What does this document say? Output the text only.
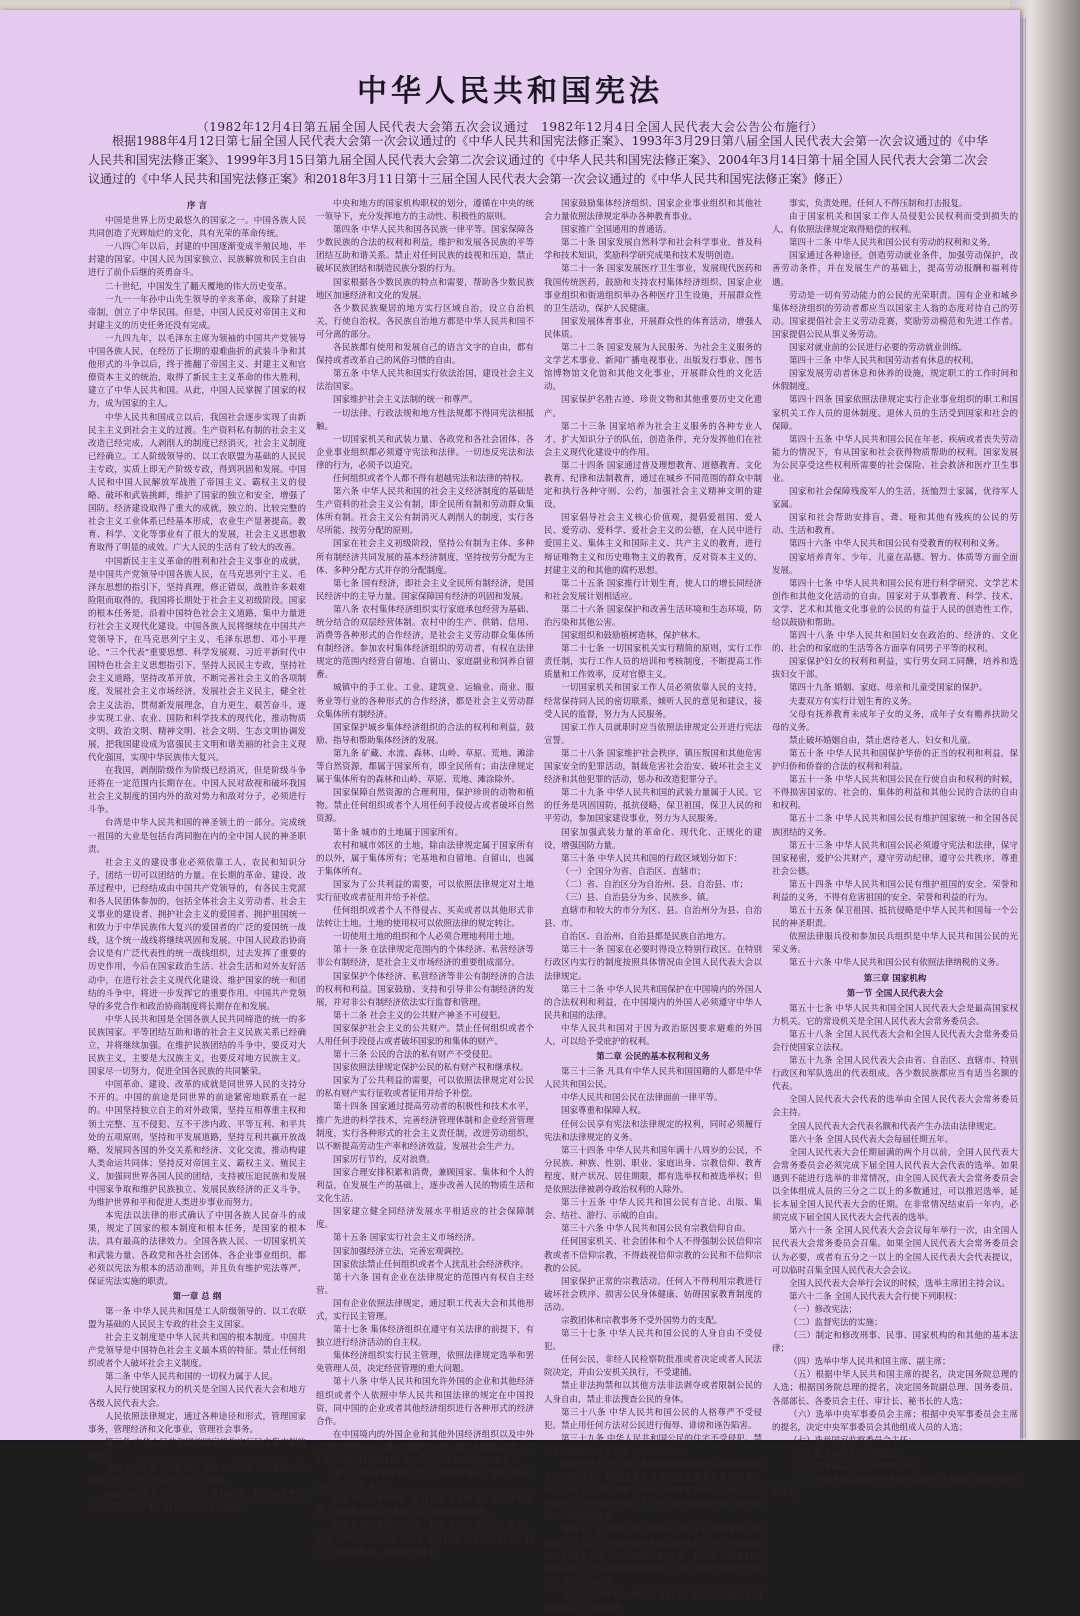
中华人民共和国宪法
（1982年12月4日第五届全国人民代表大会第五次会议通过　1982年12月4日全国人民代表大会公告公布施行）
根据1988年4月12日第七届全国人民代表大会第一次会议通过的《中华人民共和国宪法修正案》、1993年3月29日第八届全国人民代表大会第一次会议通过的《中华人民共和国宪法修正案》、1999年3月15日第九届全国人民代表大会第二次会议通过的《中华人民共和国宪法修正案》、2004年3月14日第十届全国人民代表大会第二次会议通过的《中华人民共和国宪法修正案》和2018年3月11日第十三届全国人民代表大会第一次会议通过的《中华人民共和国宪法修正案》修正）

序 言

中国是世界上历史最悠久的国家之一。中国各族人民共同创造了光辉灿烂的文化，具有光荣的革命传统。

一八四〇年以后，封建的中国逐渐变成半殖民地、半封建的国家。中国人民为国家独立、民族解放和民主自由进行了前仆后继的英勇奋斗。

二十世纪，中国发生了翻天覆地的伟大历史变革。

一九一一年孙中山先生领导的辛亥革命，废除了封建帝制，创立了中华民国。但是，中国人民反对帝国主义和封建主义的历史任务还没有完成。

一九四九年，以毛泽东主席为领袖的中国共产党领导中国各族人民，在经历了长期的艰难曲折的武装斗争和其他形式的斗争以后，终于推翻了帝国主义、封建主义和官僚资本主义的统治，取得了新民主主义革命的伟大胜利，建立了中华人民共和国。从此，中国人民掌握了国家的权力，成为国家的主人。

中华人民共和国成立以后，我国社会逐步实现了由新民主主义到社会主义的过渡。生产资料私有制的社会主义改造已经完成，人剥削人的制度已经消灭，社会主义制度已经确立。工人阶级领导的、以工农联盟为基础的人民民主专政，实质上即无产阶级专政，得到巩固和发展。中国人民和中国人民解放军战胜了帝国主义、霸权主义的侵略、破坏和武装挑衅，维护了国家的独立和安全，增强了国防。经济建设取得了重大的成就，独立的、比较完整的社会主义工业体系已经基本形成，农业生产显著提高。教育、科学、文化等事业有了很大的发展，社会主义思想教育取得了明显的成效。广大人民的生活有了较大的改善。

中国新民主主义革命的胜利和社会主义事业的成就，是中国共产党领导中国各族人民，在马克思列宁主义、毛泽东思想的指引下，坚持真理，修正错误，战胜许多艰难险阻而取得的。我国将长期处于社会主义初级阶段。国家的根本任务是，沿着中国特色社会主义道路，集中力量进行社会主义现代化建设。中国各族人民将继续在中国共产党领导下，在马克思列宁主义、毛泽东思想、邓小平理论、“三个代表”重要思想、科学发展观、习近平新时代中国特色社会主义思想指引下，坚持人民民主专政，坚持社会主义道路，坚持改革开放，不断完善社会主义的各项制度，发展社会主义市场经济，发展社会主义民主，健全社会主义法治，贯彻新发展理念，自力更生，艰苦奋斗，逐步实现工业、农业、国防和科学技术的现代化，推动物质文明、政治文明、精神文明、社会文明、生态文明协调发展，把我国建设成为富强民主文明和谐美丽的社会主义现代化强国，实现中华民族伟大复兴。

在我国，剥削阶级作为阶级已经消灭，但是阶级斗争还将在一定范围内长期存在。中国人民对敌视和破坏我国社会主义制度的国内外的敌对势力和敌对分子，必须进行斗争。

台湾是中华人民共和国的神圣领土的一部分。完成统一祖国的大业是包括台湾同胞在内的全中国人民的神圣职责。

社会主义的建设事业必须依靠工人、农民和知识分子，团结一切可以团结的力量。在长期的革命、建设、改革过程中，已经结成由中国共产党领导的，有各民主党派和各人民团体参加的，包括全体社会主义劳动者、社会主义事业的建设者、拥护社会主义的爱国者、拥护祖国统一和致力于中华民族伟大复兴的爱国者的广泛的爱国统一战线，这个统一战线将继续巩固和发展。中国人民政治协商会议是有广泛代表性的统一战线组织，过去发挥了重要的历史作用，今后在国家政治生活、社会生活和对外友好活动中，在进行社会主义现代化建设、维护国家的统一和团结的斗争中，将进一步发挥它的重要作用。中国共产党领导的多党合作和政治协商制度将长期存在和发展。

中华人民共和国是全国各族人民共同缔造的统一的多民族国家。平等团结互助和谐的社会主义民族关系已经确立，并将继续加强。在维护民族团结的斗争中，要反对大民族主义，主要是大汉族主义，也要反对地方民族主义。国家尽一切努力，促进全国各民族的共同繁荣。

中国革命、建设、改革的成就是同世界人民的支持分不开的。中国的前途是同世界的前途紧密地联系在一起的。中国坚持独立自主的对外政策，坚持互相尊重主权和领土完整、互不侵犯、互不干涉内政、平等互利、和平共处的五项原则，坚持和平发展道路，坚持互利共赢开放战略，发展同各国的外交关系和经济、文化交流，推动构建人类命运共同体；坚持反对帝国主义、霸权主义、殖民主义，加强同世界各国人民的团结，支持被压迫民族和发展中国家争取和维护民族独立、发展民族经济的正义斗争，为维护世界和平和促进人类进步事业而努力。

本宪法以法律的形式确认了中国各族人民奋斗的成果，规定了国家的根本制度和根本任务，是国家的根本法，具有最高的法律效力。全国各族人民、一切国家机关和武装力量、各政党和各社会团体、各企业事业组织，都必须以宪法为根本的活动准则，并且负有维护宪法尊严、保证宪法实施的职责。

第一章 总 纲

第一条 中华人民共和国是工人阶级领导的、以工农联盟为基础的人民民主专政的社会主义国家。

社会主义制度是中华人民共和国的根本制度。中国共产党领导是中国特色社会主义最本质的特征。禁止任何组织或者个人破坏社会主义制度。

第二条 中华人民共和国的一切权力属于人民。

人民行使国家权力的机关是全国人民代表大会和地方各级人民代表大会。

人民依照法律规定，通过各种途径和形式，管理国家事务，管理经济和文化事业，管理社会事务。

第三条 中华人民共和国的国家机构实行民主集中制的原则。

全国人民代表大会和地方各级人民代表大会都由民主选举产生，对人民负责，受人民监督。

国家行政机关、监察机关、审判机关、检察机关都由人民代表大会产生，对它负责，受它监督。

中央和地方的国家机构职权的划分，遵循在中央的统一领导下，充分发挥地方的主动性、积极性的原则。

第四条 中华人民共和国各民族一律平等。国家保障各少数民族的合法的权利和利益，维护和发展各民族的平等团结互助和谐关系。禁止对任何民族的歧视和压迫，禁止破坏民族团结和制造民族分裂的行为。

国家根据各少数民族的特点和需要，帮助各少数民族地区加速经济和文化的发展。

各少数民族聚居的地方实行区域自治，设立自治机关，行使自治权。各民族自治地方都是中华人民共和国不可分离的部分。

各民族都有使用和发展自己的语言文字的自由，都有保持或者改革自己的风俗习惯的自由。

第五条 中华人民共和国实行依法治国，建设社会主义法治国家。

国家维护社会主义法制的统一和尊严。

一切法律、行政法规和地方性法规都不得同宪法相抵触。

一切国家机关和武装力量、各政党和各社会团体、各企业事业组织都必须遵守宪法和法律。一切违反宪法和法律的行为，必须予以追究。

任何组织或者个人都不得有超越宪法和法律的特权。

第六条 中华人民共和国的社会主义经济制度的基础是生产资料的社会主义公有制，即全民所有制和劳动群众集体所有制。社会主义公有制消灭人剥削人的制度，实行各尽所能、按劳分配的原则。

国家在社会主义初级阶段，坚持公有制为主体、多种所有制经济共同发展的基本经济制度，坚持按劳分配为主体、多种分配方式并存的分配制度。

第七条 国有经济，即社会主义全民所有制经济，是国民经济中的主导力量。国家保障国有经济的巩固和发展。

第八条 农村集体经济组织实行家庭承包经营为基础、统分结合的双层经营体制。农村中的生产、供销、信用、消费等各种形式的合作经济，是社会主义劳动群众集体所有制经济。参加农村集体经济组织的劳动者，有权在法律规定的范围内经营自留地、自留山、家庭副业和饲养自留畜。

城镇中的手工业、工业、建筑业、运输业、商业、服务业等行业的各种形式的合作经济，都是社会主义劳动群众集体所有制经济。

国家保护城乡集体经济组织的合法的权利和利益，鼓励、指导和帮助集体经济的发展。

第九条 矿藏、水流、森林、山岭、草原、荒地、滩涂等自然资源，都属于国家所有，即全民所有；由法律规定属于集体所有的森林和山岭、草原、荒地、滩涂除外。

国家保障自然资源的合理利用，保护珍贵的动物和植物。禁止任何组织或者个人用任何手段侵占或者破坏自然资源。

第十条 城市的土地属于国家所有。

农村和城市郊区的土地，除由法律规定属于国家所有的以外，属于集体所有；宅基地和自留地、自留山，也属于集体所有。

国家为了公共利益的需要，可以依照法律规定对土地实行征收或者征用并给予补偿。

任何组织或者个人不得侵占、买卖或者以其他形式非法转让土地。土地的使用权可以依照法律的规定转让。

一切使用土地的组织和个人必须合理地利用土地。

第十一条 在法律规定范围内的个体经济、私营经济等非公有制经济，是社会主义市场经济的重要组成部分。

国家保护个体经济、私营经济等非公有制经济的合法的权利和利益。国家鼓励、支持和引导非公有制经济的发展，并对非公有制经济依法实行监督和管理。

第十二条 社会主义的公共财产神圣不可侵犯。

国家保护社会主义的公共财产。禁止任何组织或者个人用任何手段侵占或者破坏国家的和集体的财产。

第十三条 公民的合法的私有财产不受侵犯。

国家依照法律规定保护公民的私有财产权和继承权。

国家为了公共利益的需要，可以依照法律规定对公民的私有财产实行征收或者征用并给予补偿。

第十四条 国家通过提高劳动者的积极性和技术水平，推广先进的科学技术，完善经济管理体制和企业经营管理制度，实行各种形式的社会主义责任制，改进劳动组织，以不断提高劳动生产率和经济效益，发展社会生产力。

国家厉行节约，反对浪费。

国家合理安排积累和消费，兼顾国家、集体和个人的利益，在发展生产的基础上，逐步改善人民的物质生活和文化生活。

国家建立健全同经济发展水平相适应的社会保障制度。

第十五条 国家实行社会主义市场经济。

国家加强经济立法，完善宏观调控。

国家依法禁止任何组织或者个人扰乱社会经济秩序。

第十六条 国有企业在法律规定的范围内有权自主经营。

国有企业依照法律规定，通过职工代表大会和其他形式，实行民主管理。

第十七条 集体经济组织在遵守有关法律的前提下，有独立进行经济活动的自主权。

集体经济组织实行民主管理，依照法律规定选举和罢免管理人员，决定经营管理的重大问题。

第十八条 中华人民共和国允许外国的企业和其他经济组织或者个人依照中华人民共和国法律的规定在中国投资，同中国的企业或者其他经济组织进行各种形式的经济合作。

在中国境内的外国企业和其他外国经济组织以及中外合资经营的企业，都必须遵守中华人民共和国的法律。它们的合法的权利和利益受中华人民共和国法律的保护。

第十九条 国家发展社会主义的教育事业，提高全国人民的科学文化水平。

国家举办各种学校，普及初等义务教育，发展中等教育、职业教育和高等教育，并且发展学前教育。

国家发展各种教育设施，扫除文盲，对工人、农民、国家工作人员和其他劳动者进行政治、文化、科学、技术、业务的教育，鼓励自学成才。

国家鼓励集体经济组织、国家企业事业组织和其他社会力量依照法律规定举办各种教育事业。

国家推广全国通用的普通话。

第二十条 国家发展自然科学和社会科学事业，普及科学和技术知识，奖励科学研究成果和技术发明创造。

第二十一条 国家发展医疗卫生事业，发展现代医药和我国传统医药，鼓励和支持农村集体经济组织、国家企业事业组织和街道组织举办各种医疗卫生设施，开展群众性的卫生活动，保护人民健康。

国家发展体育事业，开展群众性的体育活动，增强人民体质。

第二十二条 国家发展为人民服务、为社会主义服务的文学艺术事业、新闻广播电视事业、出版发行事业、图书馆博物馆文化馆和其他文化事业，开展群众性的文化活动。

国家保护名胜古迹、珍贵文物和其他重要历史文化遗产。

第二十三条 国家培养为社会主义服务的各种专业人才，扩大知识分子的队伍，创造条件，充分发挥他们在社会主义现代化建设中的作用。

第二十四条 国家通过普及理想教育、道德教育、文化教育、纪律和法制教育，通过在城乡不同范围的群众中制定和执行各种守则、公约，加强社会主义精神文明的建设。

国家倡导社会主义核心价值观，提倡爱祖国、爱人民、爱劳动、爱科学、爱社会主义的公德，在人民中进行爱国主义、集体主义和国际主义、共产主义的教育，进行辩证唯物主义和历史唯物主义的教育，反对资本主义的、封建主义的和其他的腐朽思想。

第二十五条 国家推行计划生育，使人口的增长同经济和社会发展计划相适应。

第二十六条 国家保护和改善生活环境和生态环境，防治污染和其他公害。

国家组织和鼓励植树造林，保护林木。

第二十七条 一切国家机关实行精简的原则，实行工作责任制，实行工作人员的培训和考核制度，不断提高工作质量和工作效率，反对官僚主义。

一切国家机关和国家工作人员必须依靠人民的支持，经常保持同人民的密切联系，倾听人民的意见和建议，接受人民的监督，努力为人民服务。

国家工作人员就职时应当依照法律规定公开进行宪法宣誓。

第二十八条 国家维护社会秩序，镇压叛国和其他危害国家安全的犯罪活动，制裁危害社会治安、破坏社会主义经济和其他犯罪的活动，惩办和改造犯罪分子。

第二十九条 中华人民共和国的武装力量属于人民。它的任务是巩固国防，抵抗侵略，保卫祖国，保卫人民的和平劳动，参加国家建设事业，努力为人民服务。

国家加强武装力量的革命化、现代化、正规化的建设，增强国防力量。

第三十条 中华人民共和国的行政区域划分如下：

（一）全国分为省、自治区、直辖市；

（二）省、自治区分为自治州、县、自治县、市；

（三）县、自治县分为乡、民族乡、镇。

直辖市和较大的市分为区、县。自治州分为县、自治县、市。

自治区、自治州、自治县都是民族自治地方。

第三十一条 国家在必要时得设立特别行政区。在特别行政区内实行的制度按照具体情况由全国人民代表大会以法律规定。

第三十二条 中华人民共和国保护在中国境内的外国人的合法权利和利益，在中国境内的外国人必须遵守中华人民共和国的法律。

中华人民共和国对于因为政治原因要求避难的外国人，可以给予受庇护的权利。

第二章 公民的基本权利和义务

第三十三条 凡具有中华人民共和国国籍的人都是中华人民共和国公民。

中华人民共和国公民在法律面前一律平等。

国家尊重和保障人权。

任何公民享有宪法和法律规定的权利，同时必须履行宪法和法律规定的义务。

第三十四条 中华人民共和国年满十八周岁的公民，不分民族、种族、性别、职业、家庭出身、宗教信仰、教育程度、财产状况、居住期限，都有选举权和被选举权；但是依照法律被剥夺政治权利的人除外。

第三十五条 中华人民共和国公民有言论、出版、集会、结社、游行、示威的自由。

第三十六条 中华人民共和国公民有宗教信仰自由。

任何国家机关、社会团体和个人不得强制公民信仰宗教或者不信仰宗教，不得歧视信仰宗教的公民和不信仰宗教的公民。

国家保护正常的宗教活动。任何人不得利用宗教进行破坏社会秩序、损害公民身体健康、妨碍国家教育制度的活动。

宗教团体和宗教事务不受外国势力的支配。

第三十七条 中华人民共和国公民的人身自由不受侵犯。

任何公民，非经人民检察院批准或者决定或者人民法院决定，并由公安机关执行，不受逮捕。

禁止非法拘禁和以其他方法非法剥夺或者限制公民的人身自由，禁止非法搜查公民的身体。

第三十八条 中华人民共和国公民的人格尊严不受侵犯。禁止用任何方法对公民进行侮辱、诽谤和诬告陷害。

第三十九条 中华人民共和国公民的住宅不受侵犯。禁止非法搜查或者非法侵入公民的住宅。

第四十条 中华人民共和国公民的通信自由和通信秘密受法律的保护。除因国家安全或者追查刑事犯罪的需要，由公安机关或者检察机关依照法律规定的程序对通信进行检查外，任何组织或者个人不得以任何理由侵犯公民的通信自由和通信秘密。

第四十一条 中华人民共和国公民对于任何国家机关和国家工作人员，有提出批评和建议的权利；对于任何国家机关和国家工作人员的违法失职行为，有向有关国家机关提出申诉、控告或者检举的权利，但是不得捏造或者歪曲事实进行诬告陷害。

对于公民的申诉、控告或者检举，有关国家机关必须查清事实，负责处理。

事实，负责处理。任何人不得压制和打击报复。

由于国家机关和国家工作人员侵犯公民权利而受到损失的人，有依照法律规定取得赔偿的权利。

第四十二条 中华人民共和国公民有劳动的权利和义务。

国家通过各种途径，创造劳动就业条件，加强劳动保护，改善劳动条件，并在发展生产的基础上，提高劳动报酬和福利待遇。

劳动是一切有劳动能力的公民的光荣职责。国有企业和城乡集体经济组织的劳动者都应当以国家主人翁的态度对待自己的劳动。国家提倡社会主义劳动竞赛，奖励劳动模范和先进工作者。国家提倡公民从事义务劳动。

国家对就业前的公民进行必要的劳动就业训练。

第四十三条 中华人民共和国劳动者有休息的权利。

国家发展劳动者休息和休养的设施，规定职工的工作时间和休假制度。

第四十四条 国家依照法律规定实行企业事业组织的职工和国家机关工作人员的退休制度。退休人员的生活受到国家和社会的保障。

第四十五条 中华人民共和国公民在年老、疾病或者丧失劳动能力的情况下，有从国家和社会获得物质帮助的权利。国家发展为公民享受这些权利所需要的社会保险、社会救济和医疗卫生事业。

国家和社会保障残废军人的生活，抚恤烈士家属，优待军人家属。

国家和社会帮助安排盲、聋、哑和其他有残疾的公民的劳动、生活和教育。

第四十六条 中华人民共和国公民有受教育的权利和义务。

国家培养青年、少年、儿童在品德、智力、体质等方面全面发展。

第四十七条 中华人民共和国公民有进行科学研究、文学艺术创作和其他文化活动的自由。国家对于从事教育、科学、技术、文学、艺术和其他文化事业的公民的有益于人民的创造性工作，给以鼓励和帮助。

第四十八条 中华人民共和国妇女在政治的、经济的、文化的、社会的和家庭的生活等各方面享有同男子平等的权利。

国家保护妇女的权利和利益，实行男女同工同酬，培养和选拔妇女干部。

第四十九条 婚姻、家庭、母亲和儿童受国家的保护。

夫妻双方有实行计划生育的义务。

父母有抚养教育未成年子女的义务，成年子女有赡养扶助父母的义务。

禁止破坏婚姻自由，禁止虐待老人、妇女和儿童。

第五十条 中华人民共和国保护华侨的正当的权利和利益，保护归侨和侨眷的合法的权利和利益。

第五十一条 中华人民共和国公民在行使自由和权利的时候，不得损害国家的、社会的、集体的利益和其他公民的合法的自由和权利。

第五十二条 中华人民共和国公民有维护国家统一和全国各民族团结的义务。

第五十三条 中华人民共和国公民必须遵守宪法和法律，保守国家秘密，爱护公共财产，遵守劳动纪律，遵守公共秩序，尊重社会公德。

第五十四条 中华人民共和国公民有维护祖国的安全、荣誉和利益的义务，不得有危害祖国的安全、荣誉和利益的行为。

第五十五条 保卫祖国、抵抗侵略是中华人民共和国每一个公民的神圣职责。

依照法律服兵役和参加民兵组织是中华人民共和国公民的光荣义务。

第五十六条 中华人民共和国公民有依照法律纳税的义务。

第三章 国家机构

第一节 全国人民代表大会

第五十七条 中华人民共和国全国人民代表大会是最高国家权力机关。它的常设机关是全国人民代表大会常务委员会。

第五十八条 全国人民代表大会和全国人民代表大会常务委员会行使国家立法权。

第五十九条 全国人民代表大会由省、自治区、直辖市、特别行政区和军队选出的代表组成。各少数民族都应当有适当名额的代表。

全国人民代表大会代表的选举由全国人民代表大会常务委员会主持。

全国人民代表大会代表名额和代表产生办法由法律规定。

第六十条 全国人民代表大会每届任期五年。

全国人民代表大会任期届满的两个月以前，全国人民代表大会常务委员会必须完成下届全国人民代表大会代表的选举。如果遇到不能进行选举的非常情况，由全国人民代表大会常务委员会以全体组成人员的三分之二以上的多数通过，可以推迟选举，延长本届全国人民代表大会的任期。在非常情况结束后一年内，必须完成下届全国人民代表大会代表的选举。

第六十一条 全国人民代表大会会议每年举行一次，由全国人民代表大会常务委员会召集。如果全国人民代表大会常务委员会认为必要，或者有五分之一以上的全国人民代表大会代表提议，可以临时召集全国人民代表大会会议。

全国人民代表大会举行会议的时候，选举主席团主持会议。

第六十二条 全国人民代表大会行使下列职权：

（一）修改宪法；

（二）监督宪法的实施；

（三）制定和修改刑事、民事、国家机构的和其他的基本法律；

（四）选举中华人民共和国主席、副主席；

（五）根据中华人民共和国主席的提名，决定国务院总理的人选；根据国务院总理的提名，决定国务院副总理、国务委员、各部部长、各委员会主任、审计长、秘书长的人选；

（六）选举中央军事委员会主席；根据中央军事委员会主席的提名，决定中央军事委员会其他组成人员的人选；

（七）选举国家监察委员会主任；

（八）选举最高人民法院院长；

（九）选举最高人民检察院检察长；

（十）审查和批准国民经济和社会发展计划和计划执行情况的报告；
